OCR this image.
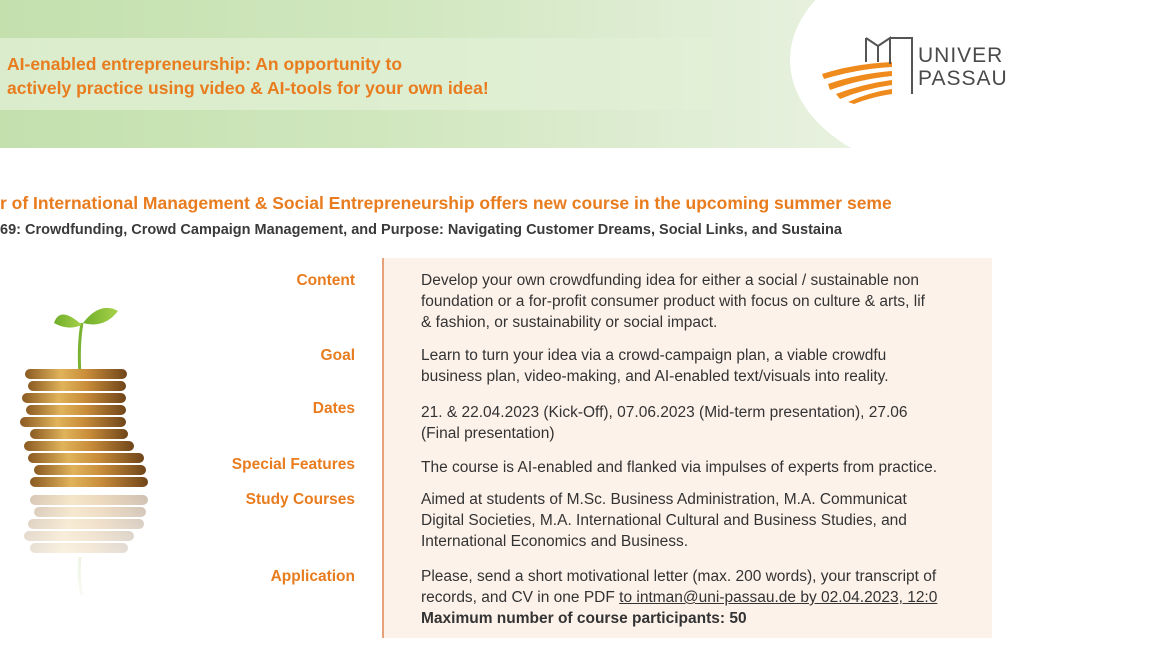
AI-enabled entrepreneurship: An opportunity to
actively practice using video & AI-tools for your own idea!
UNIVER
PASSAU
r of International Management & Social Entrepreneurship offers new course in the upcoming summer seme
69: Crowdfunding, Crowd Campaign Management, and Purpose: Navigating Customer Dreams, Social Links, and Sustaina
Content	Develop your own crowdfunding idea for either a social / sustainable non
foundation or a for-profit consumer product with focus on culture & arts, lif
& fashion, or sustainability or social impact.
Goal	Learn to turn your idea via a crowd-campaign plan, a viable crowdfu
business plan, video-making, and AI-enabled text/visuals into reality.
Dates	21. & 22.04.2023 (Kick-Off), 07.06.2023 (Mid-term presentation), 27.06
(Final presentation)
Special Features	The course is AI-enabled and flanked via impulses of experts from practice.
Study Courses	Aimed at students of M.Sc. Business Administration, M.A. Communicat
Digital Societies, M.A. International Cultural and Business Studies, and
International Economics and Business.
Application	Please, send a short motivational letter (max. 200 words), your transcript of
records, and CV in one PDF to intman@uni-passau.de by 02.04.2023, 12:0
Maximum number of course participants: 50
